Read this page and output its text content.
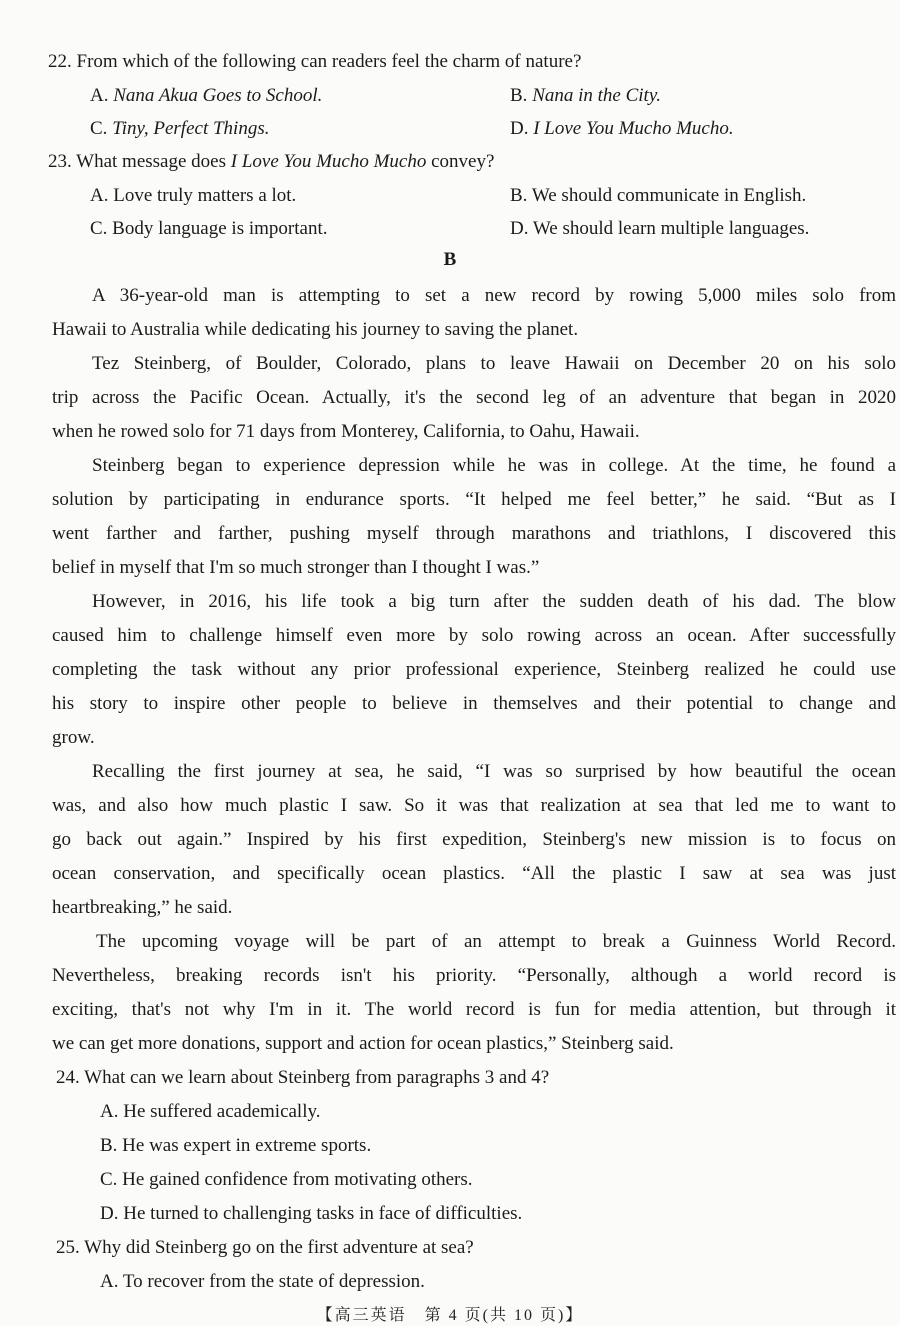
22. From which of the following can readers feel the charm of nature?
A. Nana Akua Goes to School.	B. Nana in the City.
C. Tiny, Perfect Things.	D. I Love You Mucho Mucho.
23. What message does I Love You Mucho Mucho convey?
A. Love truly matters a lot.	B. We should communicate in English.
C. Body language is important.	D. We should learn multiple languages.
B
A 36-year-old man is attempting to set a new record by rowing 5,000 miles solo from
Hawaii to Australia while dedicating his journey to saving the planet.
Tez Steinberg, of Boulder, Colorado, plans to leave Hawaii on December 20 on his solo
trip across the Pacific Ocean. Actually, it's the second leg of an adventure that began in 2020
when he rowed solo for 71 days from Monterey, California, to Oahu, Hawaii.
Steinberg began to experience depression while he was in college. At the time, he found a
solution by participating in endurance sports. “It helped me feel better,” he said. “But as I
went farther and farther, pushing myself through marathons and triathlons, I discovered this
belief in myself that I'm so much stronger than I thought I was.”
However, in 2016, his life took a big turn after the sudden death of his dad. The blow
caused him to challenge himself even more by solo rowing across an ocean. After successfully
completing the task without any prior professional experience, Steinberg realized he could use
his story to inspire other people to believe in themselves and their potential to change and
grow.
Recalling the first journey at sea, he said, “I was so surprised by how beautiful the ocean
was, and also how much plastic I saw. So it was that realization at sea that led me to want to
go back out again.” Inspired by his first expedition, Steinberg's new mission is to focus on
ocean conservation, and specifically ocean plastics. “All the plastic I saw at sea was just
heartbreaking,” he said.
The upcoming voyage will be part of an attempt to break a Guinness World Record.
Nevertheless, breaking records isn't his priority. “Personally, although a world record is
exciting, that's not why I'm in it. The world record is fun for media attention, but through it
we can get more donations, support and action for ocean plastics,” Steinberg said.
24. What can we learn about Steinberg from paragraphs 3 and 4?
A. He suffered academically.
B. He was expert in extreme sports.
C. He gained confidence from motivating others.
D. He turned to challenging tasks in face of difficulties.
25. Why did Steinberg go on the first adventure at sea?
A. To recover from the state of depression.
【高三英语　第 4 页(共 10 页)】
